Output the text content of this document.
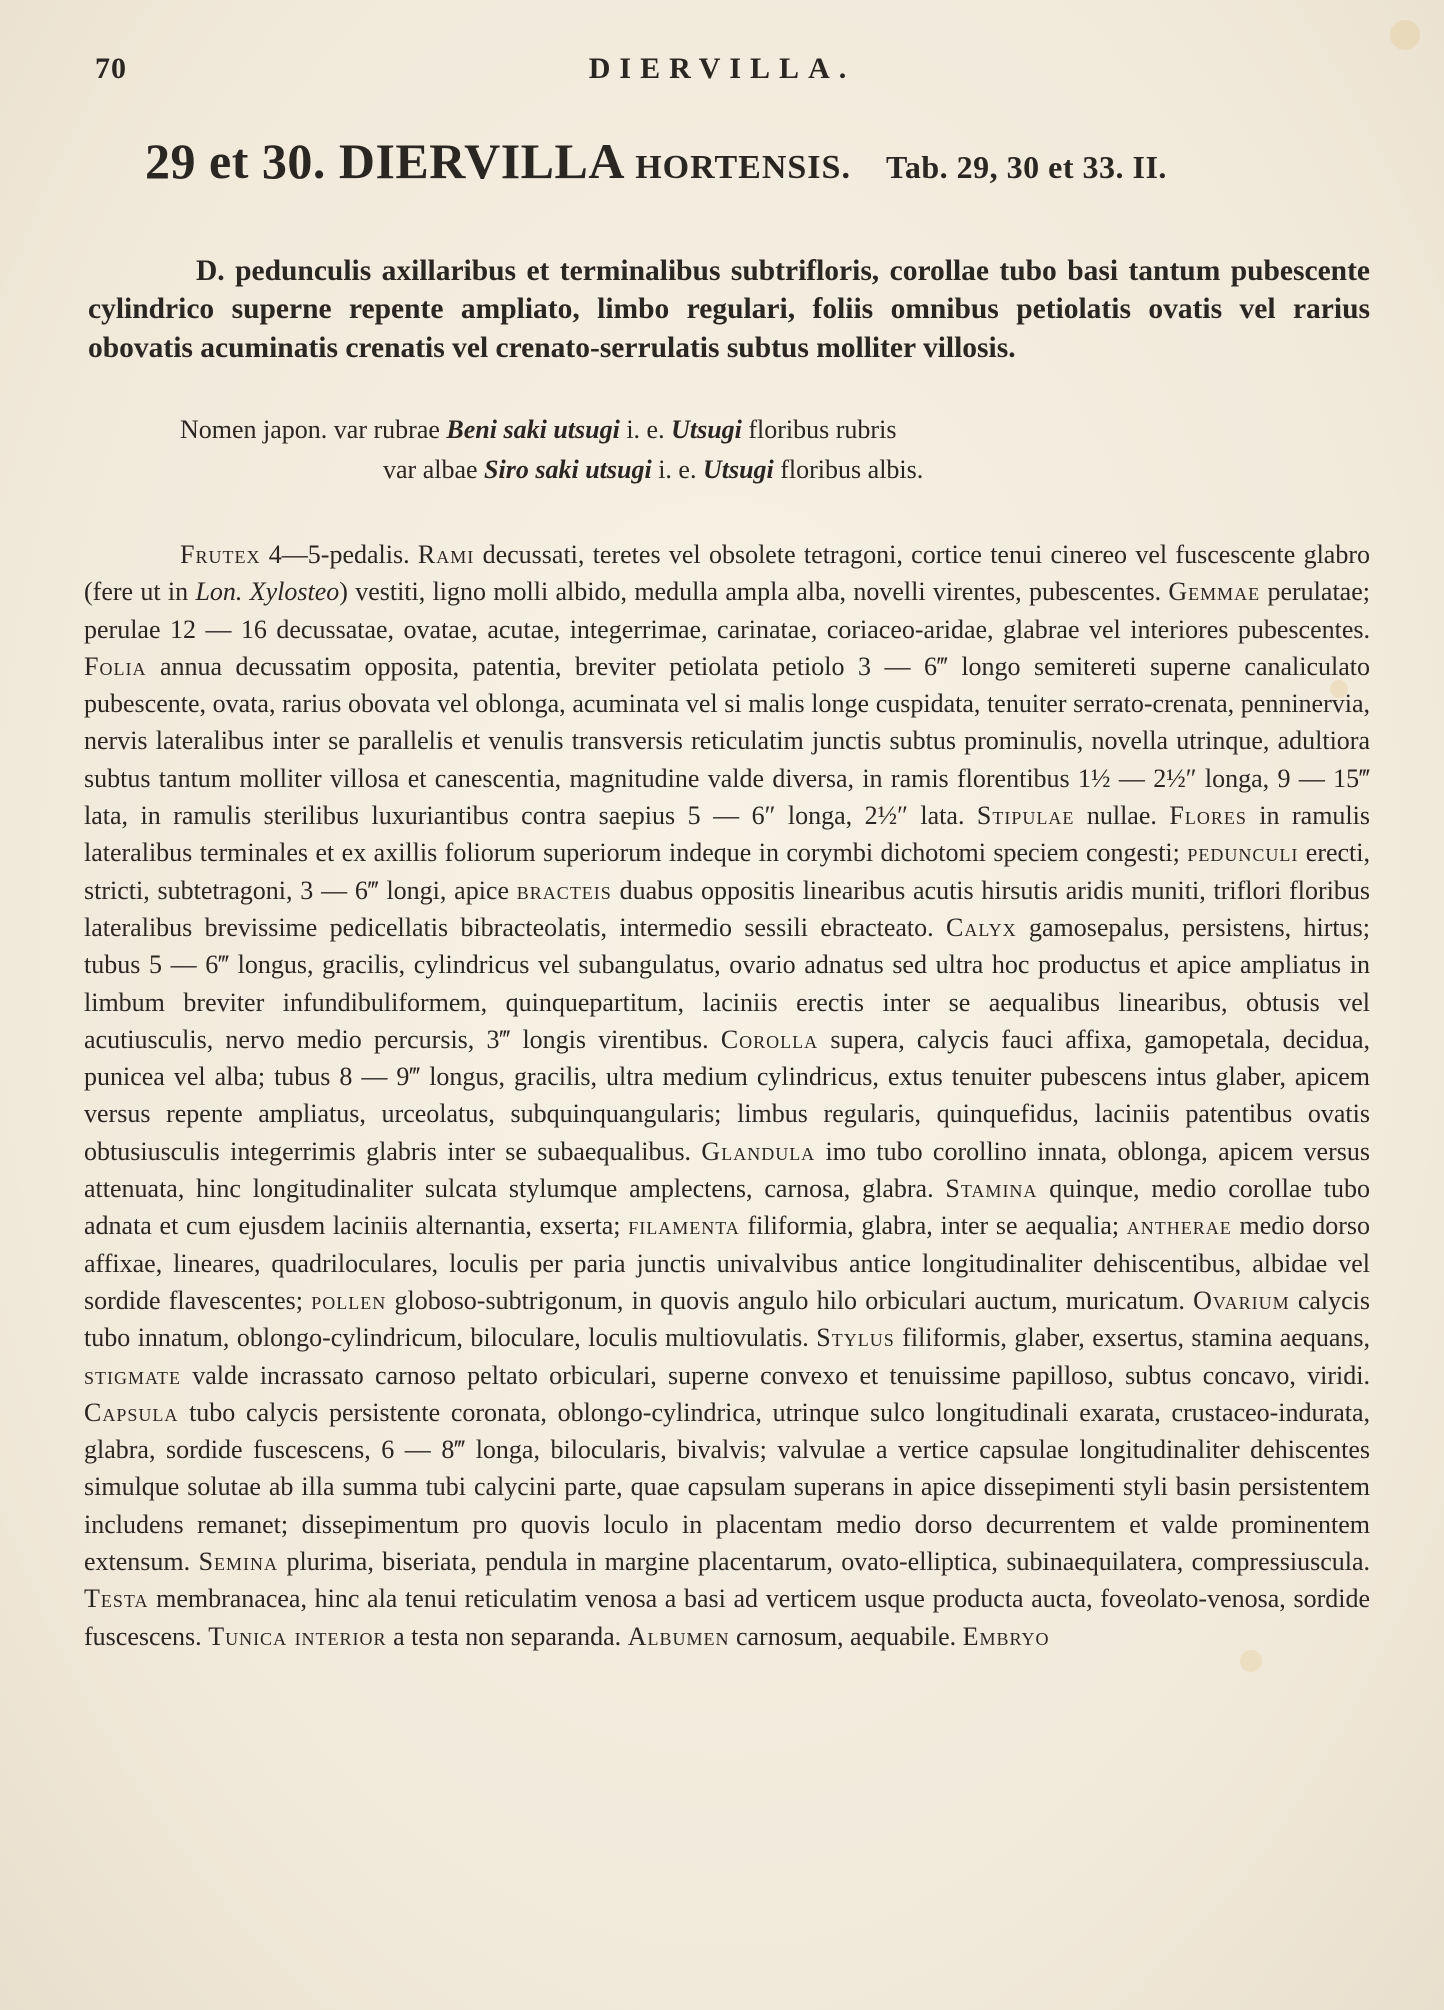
70	DIERVILLA.
29 et 30. DIERVILLA HORTENSIS. Tab. 29, 30 et 33. II.

D. pedunculis axillaribus et terminalibus subtrifloris, corollae tubo basi tantum pubescente cylindrico superne repente ampliato, limbo regulari, foliis omnibus petiolatis ovatis vel rarius obovatis acuminatis crenatis vel crenato-serrulatis subtus molliter villosis.

Nomen japon. var rubrae Beni saki utsugi i. e. Utsugi floribus rubris
var albae Siro saki utsugi i. e. Utsugi floribus albis.

Frutex 4—5-pedalis. Rami decussati, teretes vel obsolete tetragoni, cortice tenui cinereo vel fuscescente glabro (fere ut in Lon. Xylosteo) vestiti, ligno molli albido, medulla ampla alba, novelli virentes, pubescentes. Gemmae perulatae; perulae 12 — 16 decussatae, ovatae, acutae, integerrimae, carinatae, coriaceo-aridae, glabrae vel interiores pubescentes. Folia annua decussatim opposita, patentia, breviter petiolata petiolo 3 — 6‴ longo semitereti superne canaliculato pubescente, ovata, rarius obovata vel oblonga, acuminata vel si malis longe cuspidata, tenuiter serrato-crenata, penninervia, nervis lateralibus inter se parallelis et venulis transversis reticulatim junctis subtus prominulis, novella utrinque, adultiora subtus tantum molliter villosa et canescentia, magnitudine valde diversa, in ramis florentibus 1½ — 2½″ longa, 9 — 15‴ lata, in ramulis sterilibus luxuriantibus contra saepius 5 — 6″ longa, 2½″ lata. Stipulae nullae. Flores in ramulis lateralibus terminales et ex axillis foliorum superiorum indeque in corymbi dichotomi speciem congesti; pedunculi erecti, stricti, subtetragoni, 3 — 6‴ longi, apice bracteis duabus oppositis linearibus acutis hirsutis aridis muniti, triflori floribus lateralibus brevissime pedicellatis bibracteolatis, intermedio sessili ebracteato. Calyx gamosepalus, persistens, hirtus; tubus 5 — 6‴ longus, gracilis, cylindricus vel subangulatus, ovario adnatus sed ultra hoc productus et apice ampliatus in limbum breviter infundibuliformem, quinquepartitum, laciniis erectis inter se aequalibus linearibus, obtusis vel acutiusculis, nervo medio percursis, 3‴ longis virentibus. Corolla supera, calycis fauci affixa, gamopetala, decidua, punicea vel alba; tubus 8 — 9‴ longus, gracilis, ultra medium cylindricus, extus tenuiter pubescens intus glaber, apicem versus repente ampliatus, urceolatus, subquinquangularis; limbus regularis, quinquefidus, laciniis patentibus ovatis obtusiusculis integerrimis glabris inter se subaequalibus. Glandula imo tubo corollino innata, oblonga, apicem versus attenuata, hinc longitudinaliter sulcata stylumque amplectens, carnosa, glabra. Stamina quinque, medio corollae tubo adnata et cum ejusdem laciniis alternantia, exserta; filamenta filiformia, glabra, inter se aequalia; antherae medio dorso affixae, lineares, quadriloculares, loculis per paria junctis univalvibus antice longitudinaliter dehiscentibus, albidae vel sordide flavescentes; pollen globoso-subtrigonum, in quovis angulo hilo orbiculari auctum, muricatum. Ovarium calycis tubo innatum, oblongo-cylindricum, biloculare, loculis multiovulatis. Stylus filiformis, glaber, exsertus, stamina aequans, stigmate valde incrassato carnoso peltato orbiculari, superne convexo et tenuissime papilloso, subtus concavo, viridi. Capsula tubo calycis persistente coronata, oblongo-cylindrica, utrinque sulco longitudinali exarata, crustaceo-indurata, glabra, sordide fuscescens, 6 — 8‴ longa, bilocularis, bivalvis; valvulae a vertice capsulae longitudinaliter dehiscentes simulque solutae ab illa summa tubi calycini parte, quae capsulam superans in apice dissepimenti styli basin persistentem includens remanet; dissepimentum pro quovis loculo in placentam medio dorso decurrentem et valde prominentem extensum. Semina plurima, biseriata, pendula in margine placentarum, ovato-elliptica, subinaequilatera, compressiuscula. Testa membranacea, hinc ala tenui reticulatim venosa a basi ad verticem usque producta aucta, foveolato-venosa, sordide fuscescens. Tunica interior a testa non separanda. Albumen carnosum, aequabile. Embryo
